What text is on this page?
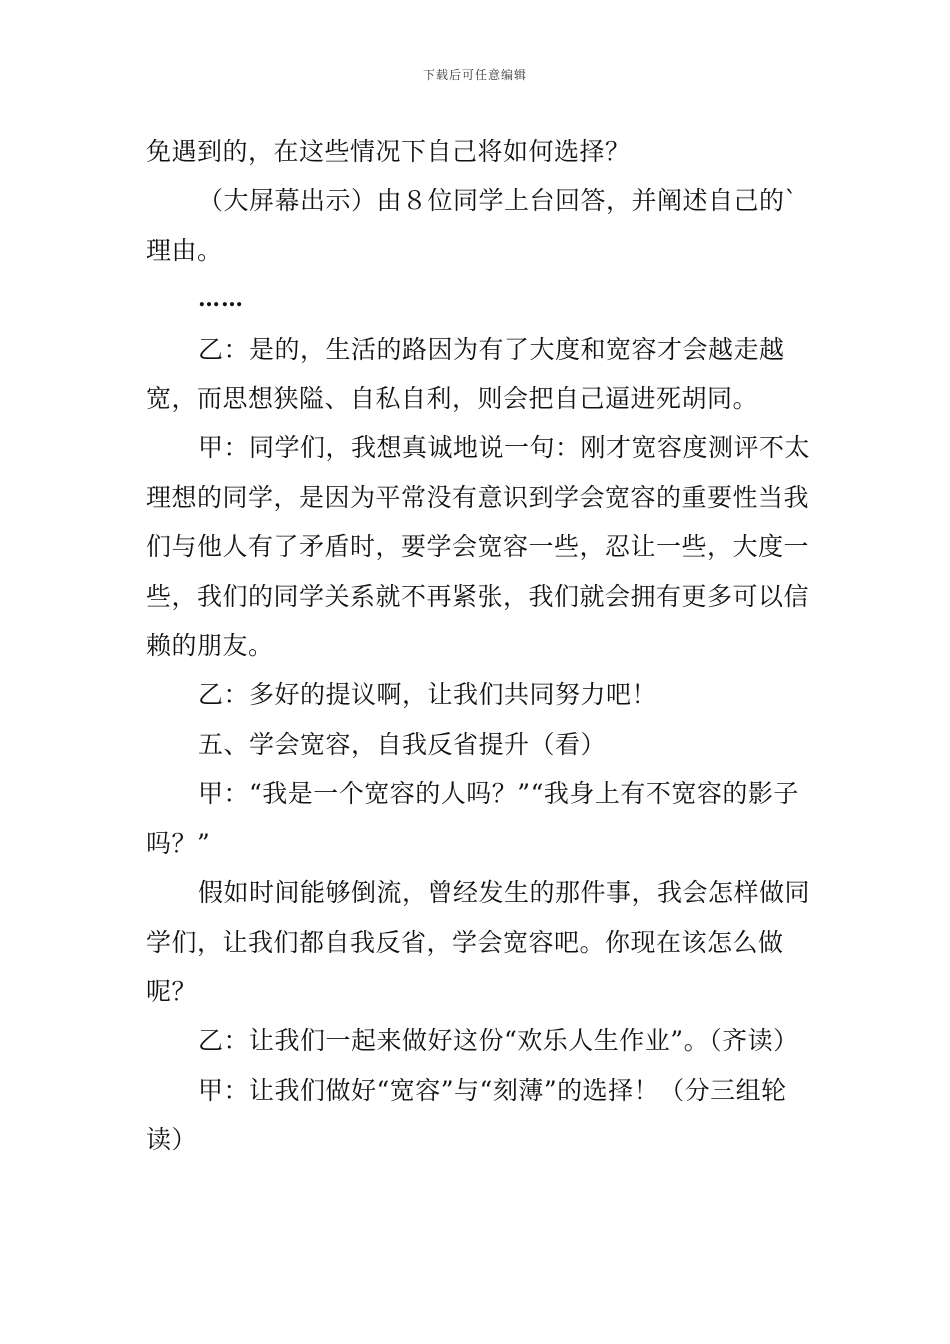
下载后可任意编辑

免遇到的，在这些情况下自己将如何选择？

（大屏幕出示）由８位同学上台回答，并阐述自己的`理由。

……

乙：是的，生活的路因为有了大度和宽容才会越走越宽，而思想狭隘、自私自利，则会把自己逼进死胡同。

甲：同学们，我想真诚地说一句：刚才宽容度测评不太理想的同学，是因为平常没有意识到学会宽容的重要性当我们与他人有了矛盾时，要学会宽容一些，忍让一些，大度一些，我们的同学关系就不再紧张，我们就会拥有更多可以信赖的朋友。

乙：多好的提议啊，让我们共同努力吧！

五、学会宽容，自我反省提升（看）

甲：“我是一个宽容的人吗？”“我身上有不宽容的影子吗？”

假如时间能够倒流，曾经发生的那件事，我会怎样做同学们，让我们都自我反省，学会宽容吧。你现在该怎么做呢？

乙：让我们一起来做好这份“欢乐人生作业”。（齐读）

甲：让我们做好“宽容”与“刻薄”的选择！（分三组轮读）
